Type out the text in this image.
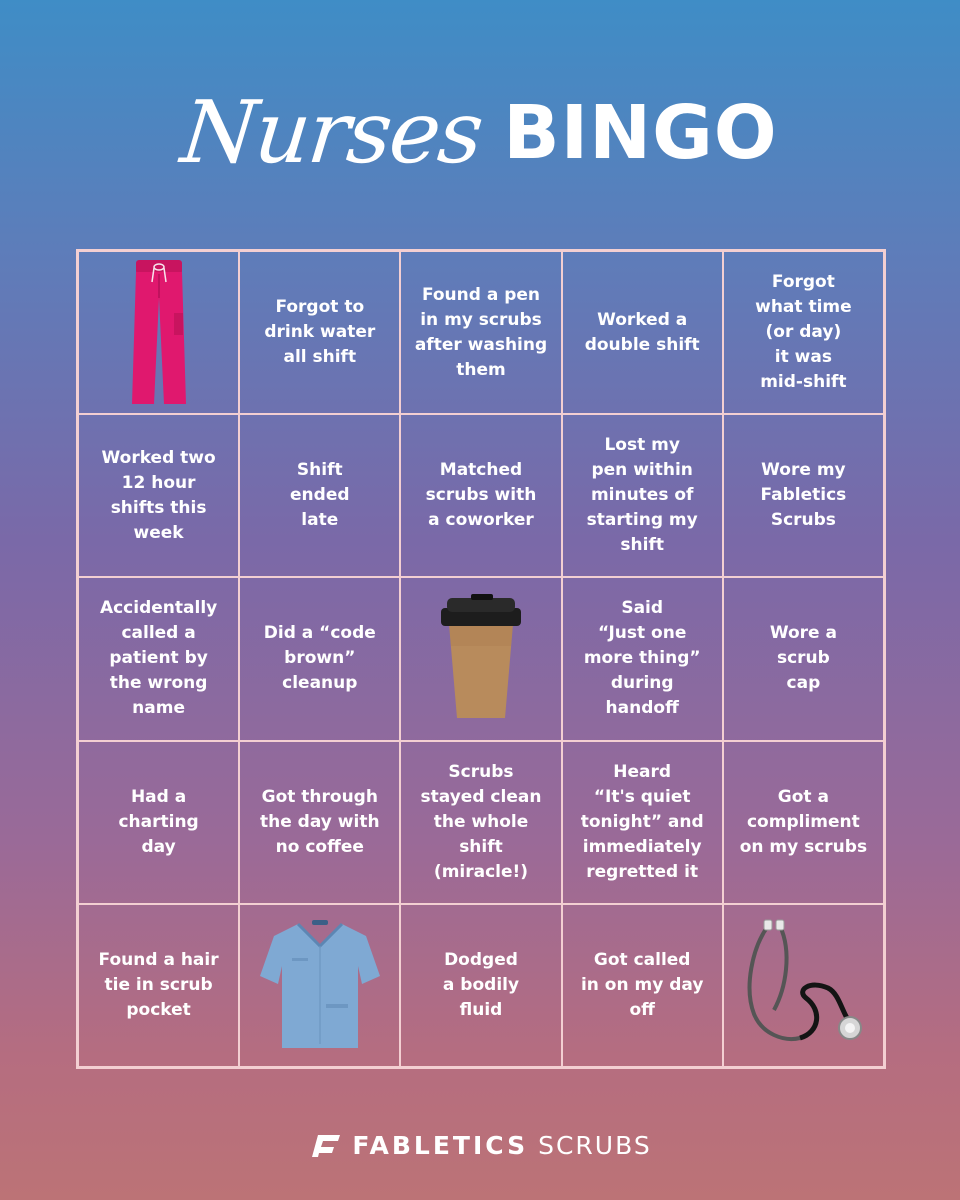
Nurses BINGO
Forgot to
drink water
all shift
Found a pen
in my scrubs
after washing
them
Worked a
double shift
Forgot
what time
(or day)
it was
mid-shift
Worked two
12 hour
shifts this
week
Shift
ended
late
Matched
scrubs with
a coworker
Lost my
pen within
minutes of
starting my
shift
Wore my
Fabletics
Scrubs
Accidentally
called a
patient by
the wrong
name
Did a “code
brown”
cleanup
Said
“Just one
more thing”
during
handoff
Wore a
scrub
cap
Had a
charting
day
Got through
the day with
no coffee
Scrubs
stayed clean
the whole
shift
(miracle!)
Heard
“It's quiet
tonight” and
immediately
regretted it
Got a
compliment
on my scrubs
Found a hair
tie in scrub
pocket
Dodged
a bodily
fluid
Got called
in on my day
off
FABLETICS SCRUBS
